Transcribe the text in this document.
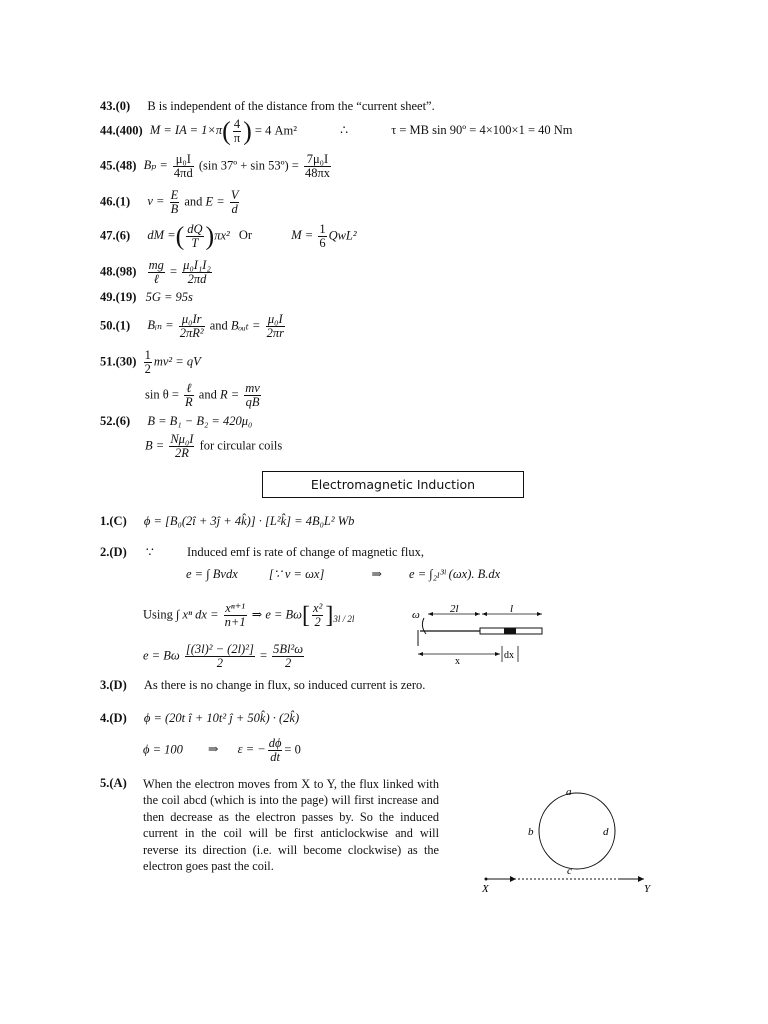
43.(0) B is independent of the distance from the “current sheet”.
44.(400) M = IA = $1\times\pi( \frac{4}{\pi}$ ) = 4 Am²	∴	τ = MB sin 90º = 4×100×1 = 40 Nm
45.(48) $B_p = \frac{\text{μ₀I}}{4\pi d} (\sin$ 37º + sin 53º) = $\frac{\text{7μ₀I}}{48\pi x}$
46.(1) $v = \frac{E}{B}$ and $E = \frac{V}{d}$
47.(6) dM =( $\frac{dQ}{T} )\pi x^2$ Or	$M = \frac{1}{6} QwL^2$
$48.(98) \frac{mg}{\text{ℓ}} = \frac{\text{μ₀I₁I₂}}{2\pi d}$
49.(19) 5G = 95s
50.(1) Bᵢₙ = $\frac{\text{μ₀Ir}}{\text{2πR²}}$ and Bₒᵤₜ = $\frac{\text{μ₀I}}{2\pi r}$
$51.(30) \frac{1}{2} mv^2$ = qV
$\sin \theta = \frac{\text{ℓ}}{R}$ and $R = \frac{mv}{qB}$
52.(6) B = B₁ − B₂ = 420μ₀
$B = \frac{\text{Nμ₀I}}{2R}$ for circular coils
Electromagnetic Induction
1.(C) ϕ = [B₀(2î + 3ĵ + 4k̂)] · [L²k̂] = 4B₀L² Wb
2.(D) ∵	Induced emf is rate of change of magnetic flux,
e = ∫ Bvdx [∵ v = ωx]	⇒ e = ∫₂ₗ³ˡ (ωx). B.dx
Using ∫ xⁿ dx = $\frac{\text{xⁿ⁺¹}}{n+1}$ ⇒ $e = B\omega[ \frac{\text{x²}}{2} ]_{3l / 2l}$
e = Bω $\frac{\text{[(3l)² − (2l)²]}}{2} = \frac{\text{5Bl²ω}}{2}$
ω	2l	l
x
dx
3.(D) As there is no change in flux, so induced current is zero.
4.(D) ϕ = (20t î + 10t² ĵ + 50k̂) · (2k̂)
ϕ = 100 ⇒ ε = − $\frac{d\phi}{dt} = 0$
5.(A) When the electron moves from X to Y, the flux linked with the coil abcd (which is into the page) will first increase and then decrease as the electron passes by. So the induced current in the coil will be first anticlockwise and will reverse its direction (i.e. will become clockwise) as the electron goes past the coil.
a
b
c
d
X	Y
